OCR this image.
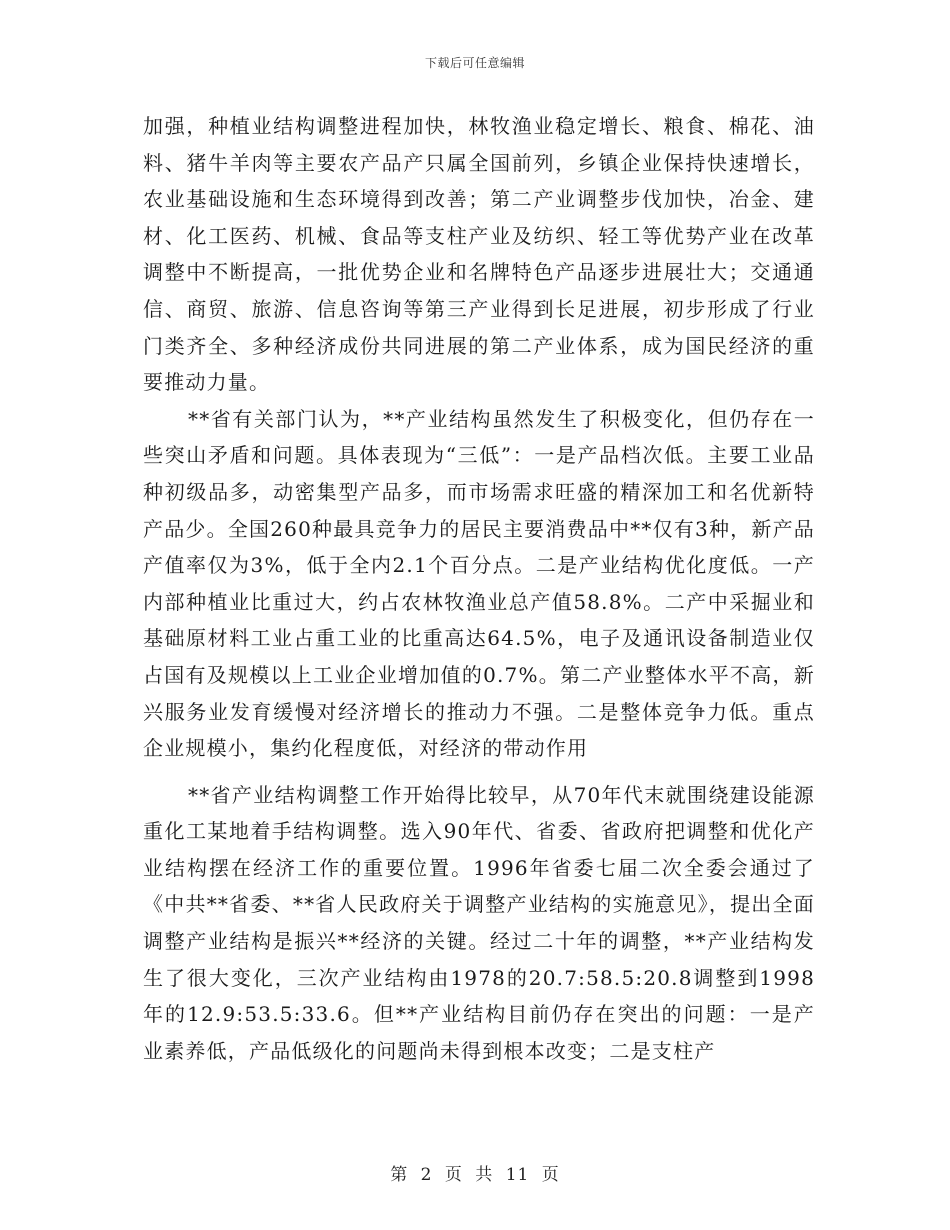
下载后可任意编辑

加强，种植业结构调整进程加快，林牧渔业稳定增长、粮食、棉花、油料、猪牛羊肉等主要农产品产只属全国前列，乡镇企业保持快速增长，农业基础设施和生态环境得到改善；第二产业调整步伐加快，冶金、建材、化工医药、机械、食品等支柱产业及纺织、轻工等优势产业在改革调整中不断提高，一批优势企业和名牌特色产品逐步进展壮大；交通通信、商贸、旅游、信息咨询等第三产业得到长足进展，初步形成了行业门类齐全、多种经济成份共同进展的第二产业体系，成为国民经济的重要推动力量。

**省有关部门认为，**产业结构虽然发生了积极变化，但仍存在一些突山矛盾和问题。具体表现为“三低”：一是产品档次低。主要工业品种初级品多，动密集型产品多，而市场需求旺盛的精深加工和名优新特产品少。全国260种最具竞争力的居民主要消费品中**仅有3种，新产品产值率仅为3%，低于全内2.1个百分点。二是产业结构优化度低。一产内部种植业比重过大，约占农林牧渔业总产值58.8%。二产中采掘业和基础原材料工业占重工业的比重高达64.5%，电子及通讯设备制造业仅占国有及规模以上工业企业增加值的0.7%。第二产业整体水平不高，新兴服务业发育缓慢对经济增长的推动力不强。二是整体竞争力低。重点企业规模小，集约化程度低，对经济的带动作用

**省产业结构调整工作开始得比较早，从70年代末就围绕建设能源重化工某地着手结构调整。选入90年代、省委、省政府把调整和优化产业结构摆在经济工作的重要位置。1996年省委七届二次全委会通过了《中共**省委、**省人民政府关于调整产业结构的实施意见》，提出全面调整产业结构是振兴**经济的关键。经过二十年的调整，**产业结构发生了很大变化，三次产业结构由1978的20.7:58.5:20.8调整到1998年的12.9:53.5:33.6。但**产业结构目前仍存在突出的问题：一是产业素养低，产品低级化的问题尚未得到根本改变；二是支柱产

第 2 页 共 11 页
